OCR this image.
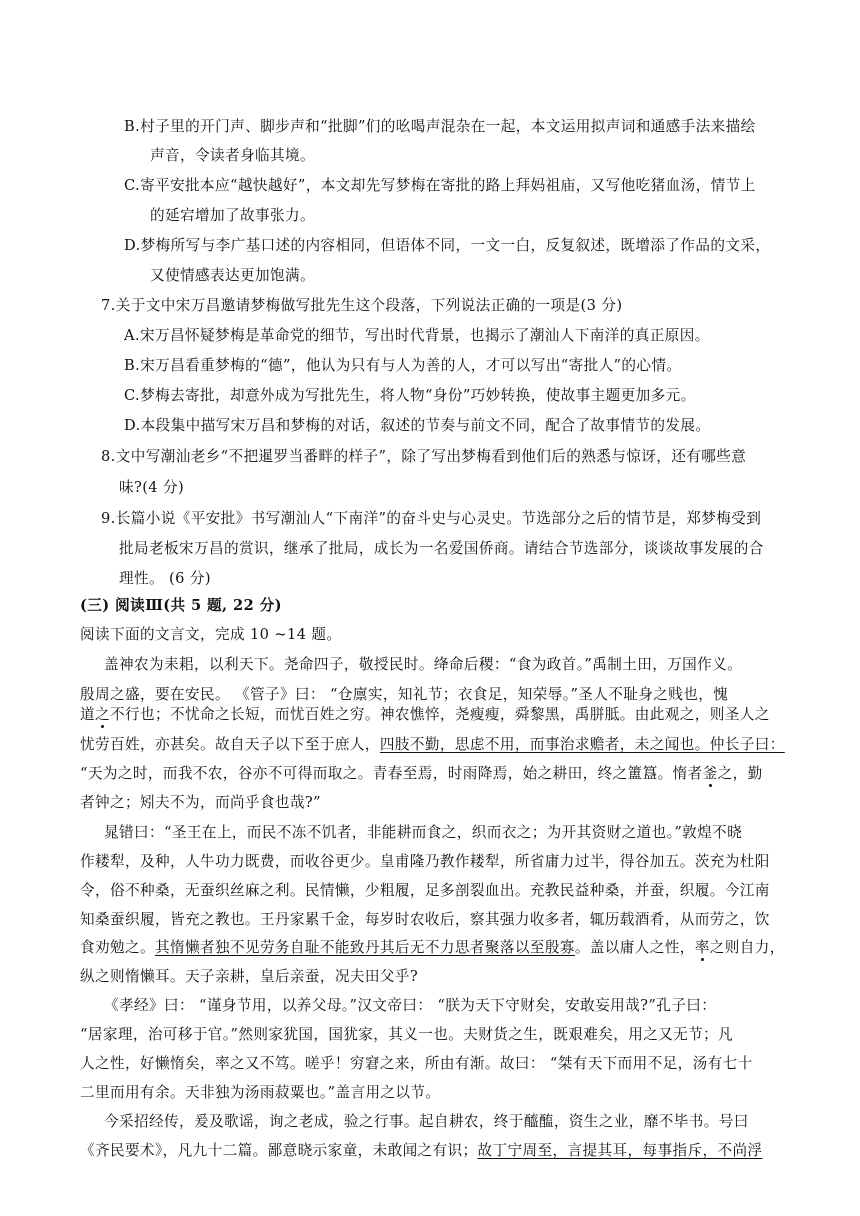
B.村子里的开门声、脚步声和“批脚”们的吆喝声混杂在一起，本文运用拟声词和通感手法来描绘

声音，令读者身临其境。

C.寄平安批本应“越快越好”，本文却先写梦梅在寄批的路上拜妈祖庙，又写他吃猪血汤，情节上

的延宕增加了故事张力。

D.梦梅所写与李广基口述的内容相同，但语体不同，一文一白，反复叙述，既增添了作品的文采，

又使情感表达更加饱满。

7.关于文中宋万昌邀请梦梅做写批先生这个段落，下列说法正确的一项是(3 分)

A.宋万昌怀疑梦梅是革命党的细节，写出时代背景，也揭示了潮汕人下南洋的真正原因。

B.宋万昌看重梦梅的“德”，他认为只有与人为善的人，才可以写出“寄批人”的心情。

C.梦梅去寄批，却意外成为写批先生，将人物“身份”巧妙转换，使故事主题更加多元。

D.本段集中描写宋万昌和梦梅的对话，叙述的节奏与前文不同，配合了故事情节的发展。

8.文中写潮汕老乡“不把暹罗当番畔的样子”，除了写出梦梅看到他们后的熟悉与惊讶，还有哪些意

味?(4 分)

9.长篇小说《平安批》书写潮汕人“下南洋”的奋斗史与心灵史。节选部分之后的情节是，郑梦梅受到

批局老板宋万昌的赏识，继承了批局，成长为一名爱国侨商。请结合节选部分，谈谈故事发展的合

理性。 (6 分)

(三) 阅读Ⅲ(共 5 题, 22 分)

阅读下面的文言文，完成 10 ~14 题。

盖神农为耒耜，以利天下。尧命四子，敬授民时。绛命后稷：“食为政首。”禹制土田，万国作义。

殷周之盛，要在安民。 《管子》曰： “仓廪实，知礼节；衣食足，知荣辱。”圣人不耻身之贱也，愧

道之不行也；不忧命之长短，而忧百姓之穷。神农憔悴，尧瘦瘦，舜黎黑，禹胼胝。由此观之，则圣人之

忧劳百姓，亦甚矣。故自天子以下至于庶人，四肢不勤，思虑不用，而事治求赡者，未之闻也。仲长子曰：

“天为之时，而我不农，谷亦不可得而取之。青春至焉，时雨降焉，始之耕田，终之簠簋。惰者釜之，勤

者钟之；矧夫不为，而尚乎食也哉?”

晁错曰：“圣王在上，而民不冻不饥者，非能耕而食之，织而衣之；为开其资财之道也。”敦煌不晓

作耧犁，及种，人牛功力既费，而收谷更少。皇甫隆乃教作耧犁，所省庸力过半，得谷加五。茨充为杜阳

令，俗不种桑，无蚕织丝麻之利。民情懒，少粗履，足多剖裂血出。充教民益种桑，并蚕，织履。今江南

知桑蚕织履，皆充之教也。王丹家累千金，每岁时农收后，察其强力收多者，辄历载酒肴，从而劳之，饮

食劝勉之。其惰懒者独不见劳务自耻不能致丹其后无不力思者聚落以至殷寡。盖以庸人之性，率之则自力，

纵之则惰懒耳。天子亲耕，皇后亲蚕，况夫田父乎?

《孝经》曰： “谨身节用，以养父母。”汉文帝曰： “朕为天下守财矣，安敢妄用哉?”孔子曰：

“居家理，治可移于官。”然则家犹国，国犹家，其义一也。夫财货之生，既艰难矣，用之又无节；凡

人之性，好懒惰矣，率之又不笃。嗟乎！穷窘之来，所由有渐。故曰： “桀有天下而用不足，汤有七十

二里而用有余。天非独为汤雨菽粟也。”盖言用之以节。

今采招经传，爰及歌谣，询之老成，验之行事。起自耕农，终于醯醢，资生之业，靡不毕书。号曰

《齐民要术》，凡九十二篇。鄙意晓示家童，未敢闻之有识；故丁宁周至，言提其耳，每事指斥，不尚浮
